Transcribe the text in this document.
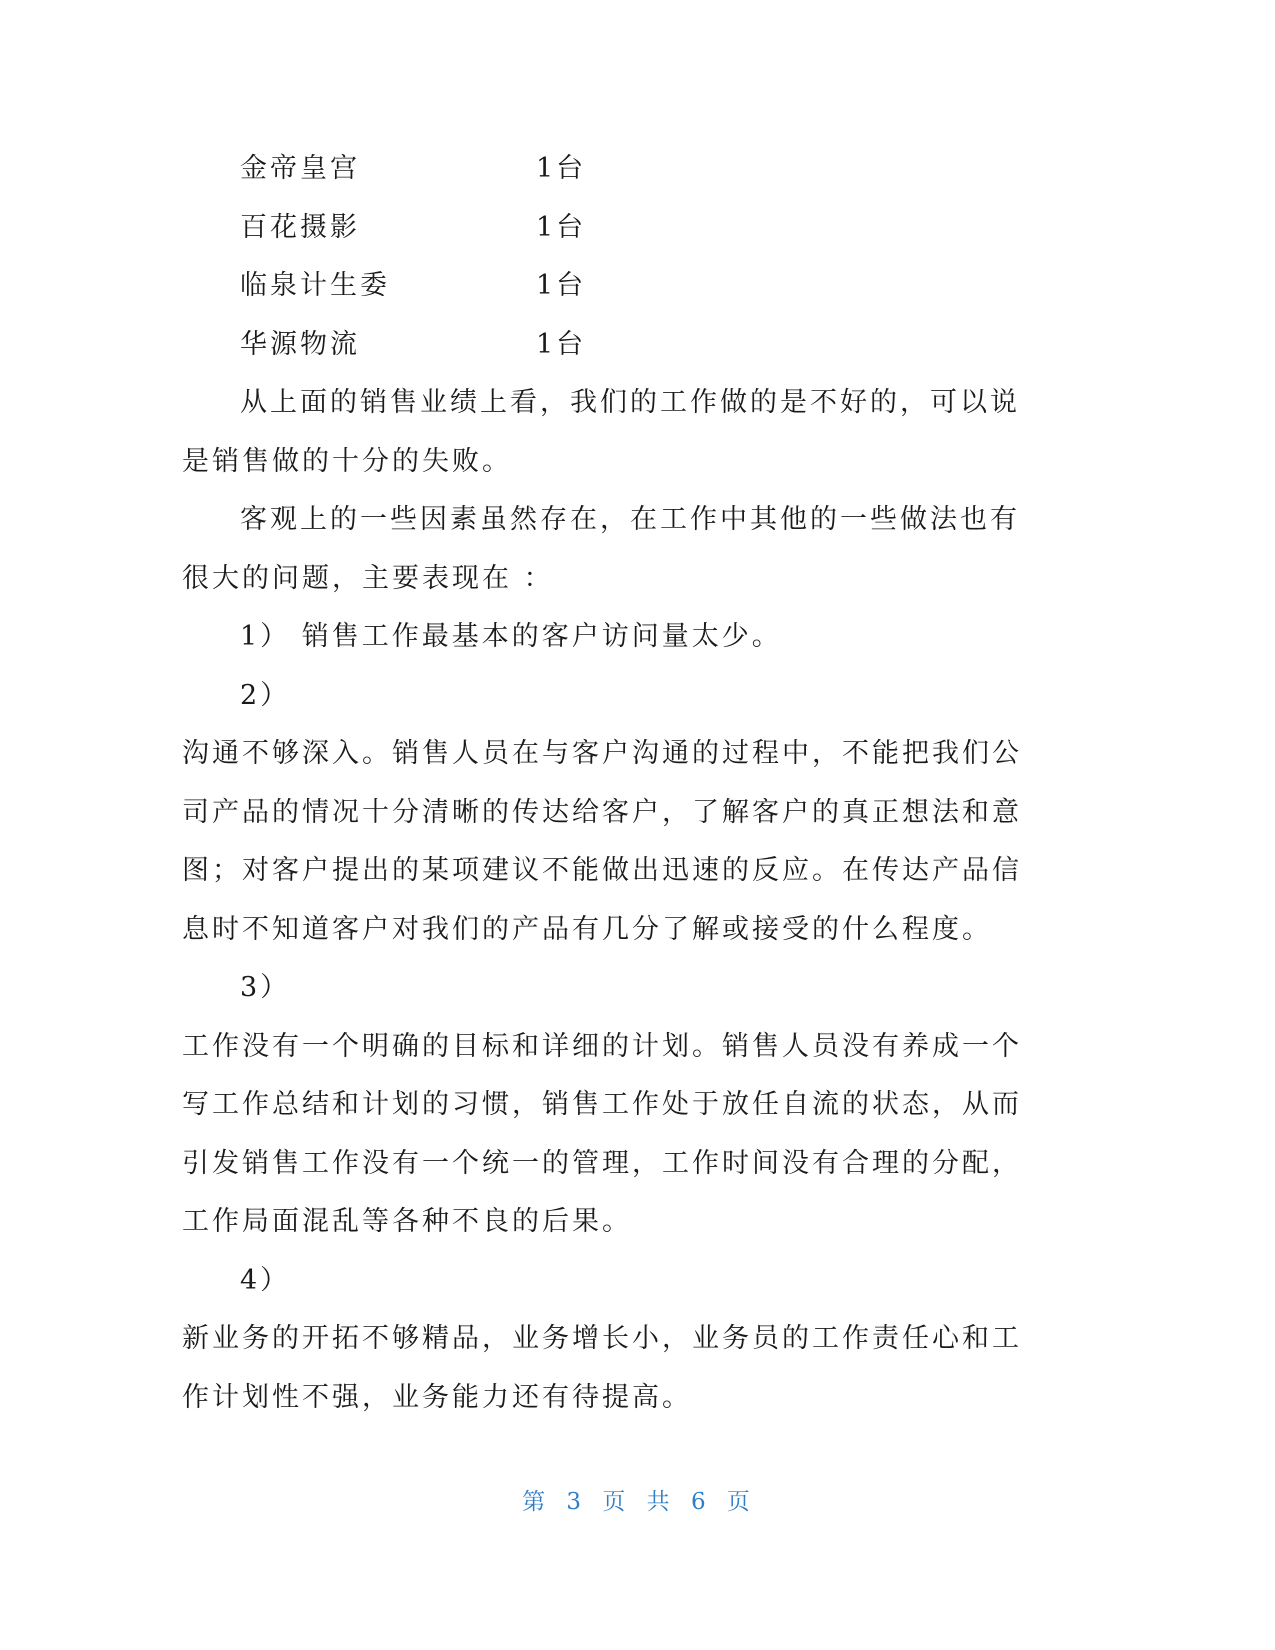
金帝皇宫	1台
百花摄影	1台
临泉计生委	1台
华源物流	1台
从上面的销售业绩上看，我们的工作做的是不好的，可以说
是销售做的十分的失败。
客观上的一些因素虽然存在，在工作中其他的一些做法也有
很大的问题，主要表现在 ：
1） 销售工作最基本的客户访问量太少。
2）
沟通不够深入。销售人员在与客户沟通的过程中，不能把我们公
司产品的情况十分清晰的传达给客户，了解客户的真正想法和意
图；对客户提出的某项建议不能做出迅速的反应。在传达产品信
息时不知道客户对我们的产品有几分了解或接受的什么程度。
3）
工作没有一个明确的目标和详细的计划。销售人员没有养成一个
写工作总结和计划的习惯，销售工作处于放任自流的状态，从而
引发销售工作没有一个统一的管理，工作时间没有合理的分配，
工作局面混乱等各种不良的后果。
4）
新业务的开拓不够精品，业务增长小，业务员的工作责任心和工
作计划性不强，业务能力还有待提高。
第 3 页 共 6 页
